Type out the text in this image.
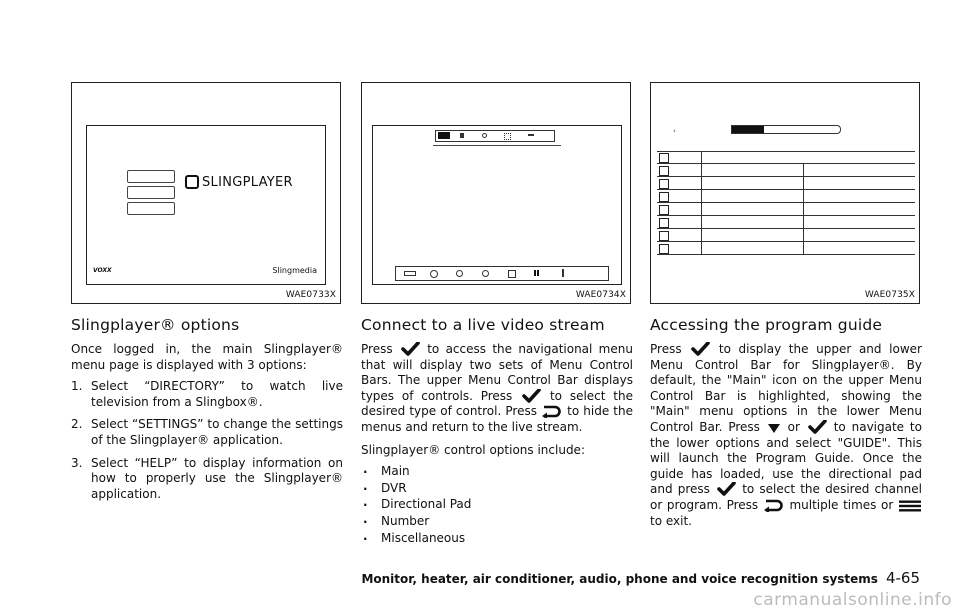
SLINGPLAYER
VOXX	Slingmedia
WAE0733X	WAE0734X
‹
WAE0735X
Slingplayer® options

Once logged in, the main Slingplayer® menu page is displayed with 3 options:

1. Select “DIRECTORY” to watch live television from a Slingbox®.
2. Select “SETTINGS” to change the settings of the Slingplayer® application.
3. Select “HELP” to display information on how to properly use the Slingplayer® application.
Connect to a live video stream

Press	to access the navigational menu that will display two sets of Menu Control Bars. The upper Menu Control Bar displays types of controls. Press	to select the desired type of control. Press	to hide the menus and return to the live stream.

Slingplayer® control options include:

. Main
. DVR
. Directional Pad
. Number
. Miscellaneous
Accessing the program guide

Press	to display the upper and lower Menu Control Bar for Slingplayer®. By default, the "Main" icon on the upper Menu Control Bar is highlighted, showing the "Main" menu options in the lower Menu Control Bar. Press or	to navigate to the lower options and select "GUIDE". This will launch the Program Guide. Once the guide has loaded, use the directional pad and press	to select the desired channel or program. Press	multiple times or  to exit.

Monitor, heater, air conditioner, audio, phone and voice recognition systems 4-65
carmanualsonline.info
